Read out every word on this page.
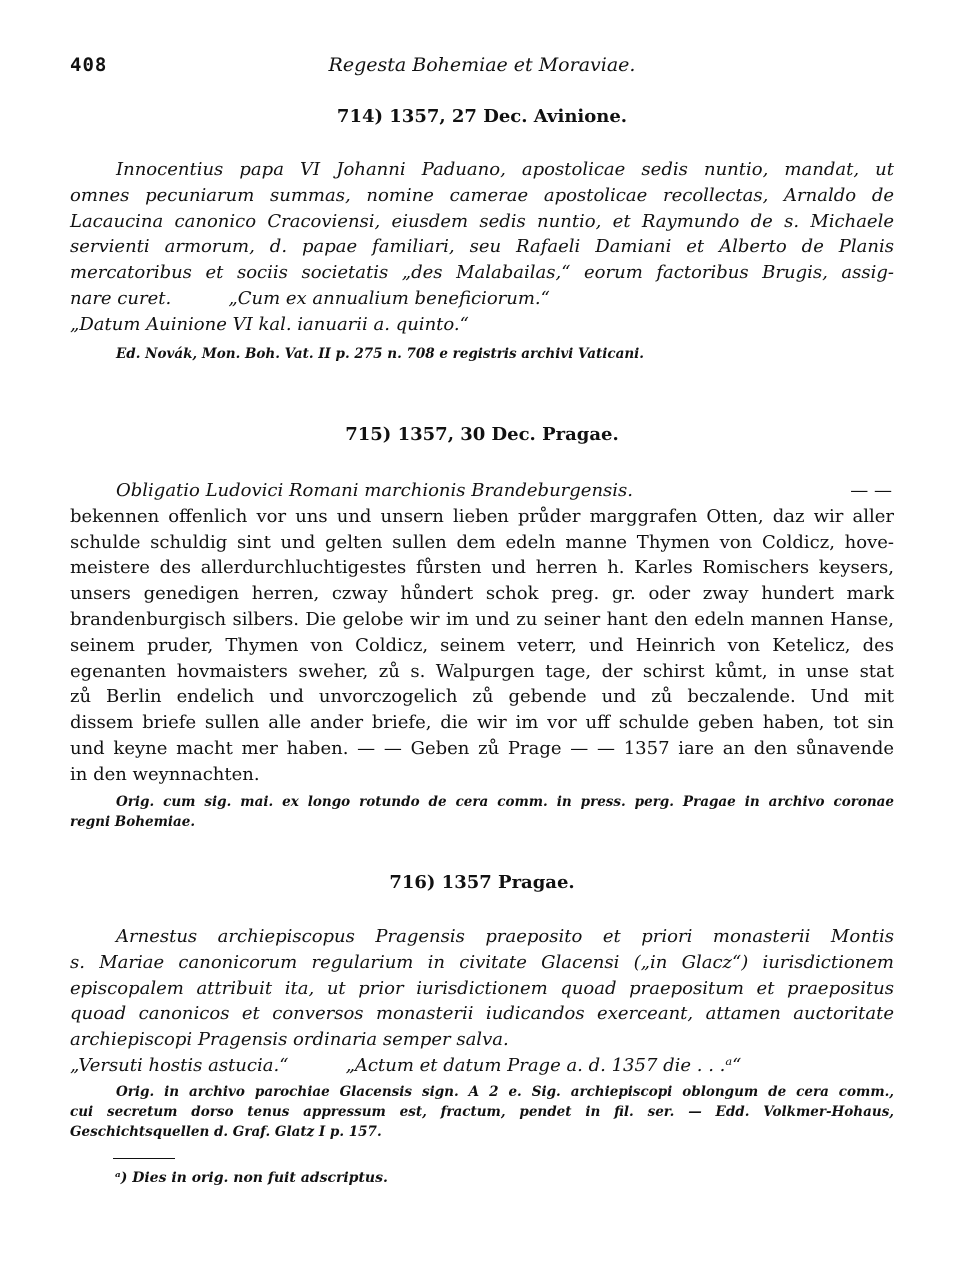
408	Regesta Bohemiae et Moraviae.
714) 1357, 27 Dec. Avinione.
Innocentius papa VI Johanni Paduano, apostolicae sedis nuntio, mandat, ut
omnes pecuniarum summas, nomine camerae apostolicae recollectas, Arnaldo de
Lacaucina canonico Cracoviensi, eiusdem sedis nuntio, et Raymundo de s. Michaele
servienti armorum, d. papae familiari, seu Rafaeli Damiani et Alberto de Planis
mercatoribus et sociis societatis „des Malabailas,“ eorum factoribus Brugis, assig-
nare curet.          „Cum ex annualium beneficiorum.“
„Datum Auinione VI kal. ianuarii a. quinto.“
Ed. Novák, Mon. Boh. Vat. II p. 275 n. 708 e registris archivi Vaticani.
715) 1357, 30 Dec. Pragae.
Obligatio Ludovici Romani marchionis Brandeburgensis.	— —
bekennen offenlich vor uns und unsern lieben průder marggrafen Otten, daz wir aller
schulde schuldig sint und gelten sullen dem edeln manne Thymen von Coldicz, hove-
meistere des allerdurchluchtigestes fůrsten und herren h. Karles Romischers keysers,
unsers genedigen herren, czway hůndert schok preg. gr. oder zway hundert mark
brandenburgisch silbers. Die gelobe wir im und zu seiner hant den edeln mannen Hanse,
seinem pruder, Thymen von Coldicz, seinem veterr, und Heinrich von Ketelicz, des
egenanten hovmaisters sweher, zů s. Walpurgen tage, der schirst kůmt, in unse stat
zů Berlin endelich und unvorczogelich zů gebende und zů beczalende. Und mit
dissem briefe sullen alle ander briefe, die wir im vor uff schulde geben haben, tot sin
und keyne macht mer haben. — — Geben zů Prage — — 1357 iare an den sůnavende
in den weynnachten.
Orig. cum sig. mai. ex longo rotundo de cera comm. in press. perg. Pragae in archivo coronae
regni Bohemiae.
716) 1357 Pragae.
Arnestus archiepiscopus Pragensis praeposito et priori monasterii Montis
s. Mariae canonicorum regularium in civitate Glacensi („in Glacz“) iurisdictionem
episcopalem attribuit ita, ut prior iurisdictionem quoad praepositum et praepositus
quoad canonicos et conversos monasterii iudicandos exerceant, attamen auctoritate
archiepiscopi Pragensis ordinaria semper salva.
„Versuti hostis astucia.“          „Actum et datum Prage a. d. 1357 die . . .ᵃ“
Orig. in archivo parochiae Glacensis sign. A 2 e. Sig. archiepiscopi oblongum de cera comm.,
cui secretum dorso tenus appressum est, fractum, pendet in fil. ser. — Edd. Volkmer-Hohaus,
Geschichtsquellen d. Graf. Glatz I p. 157.
ᵃ) Dies in orig. non fuit adscriptus.
